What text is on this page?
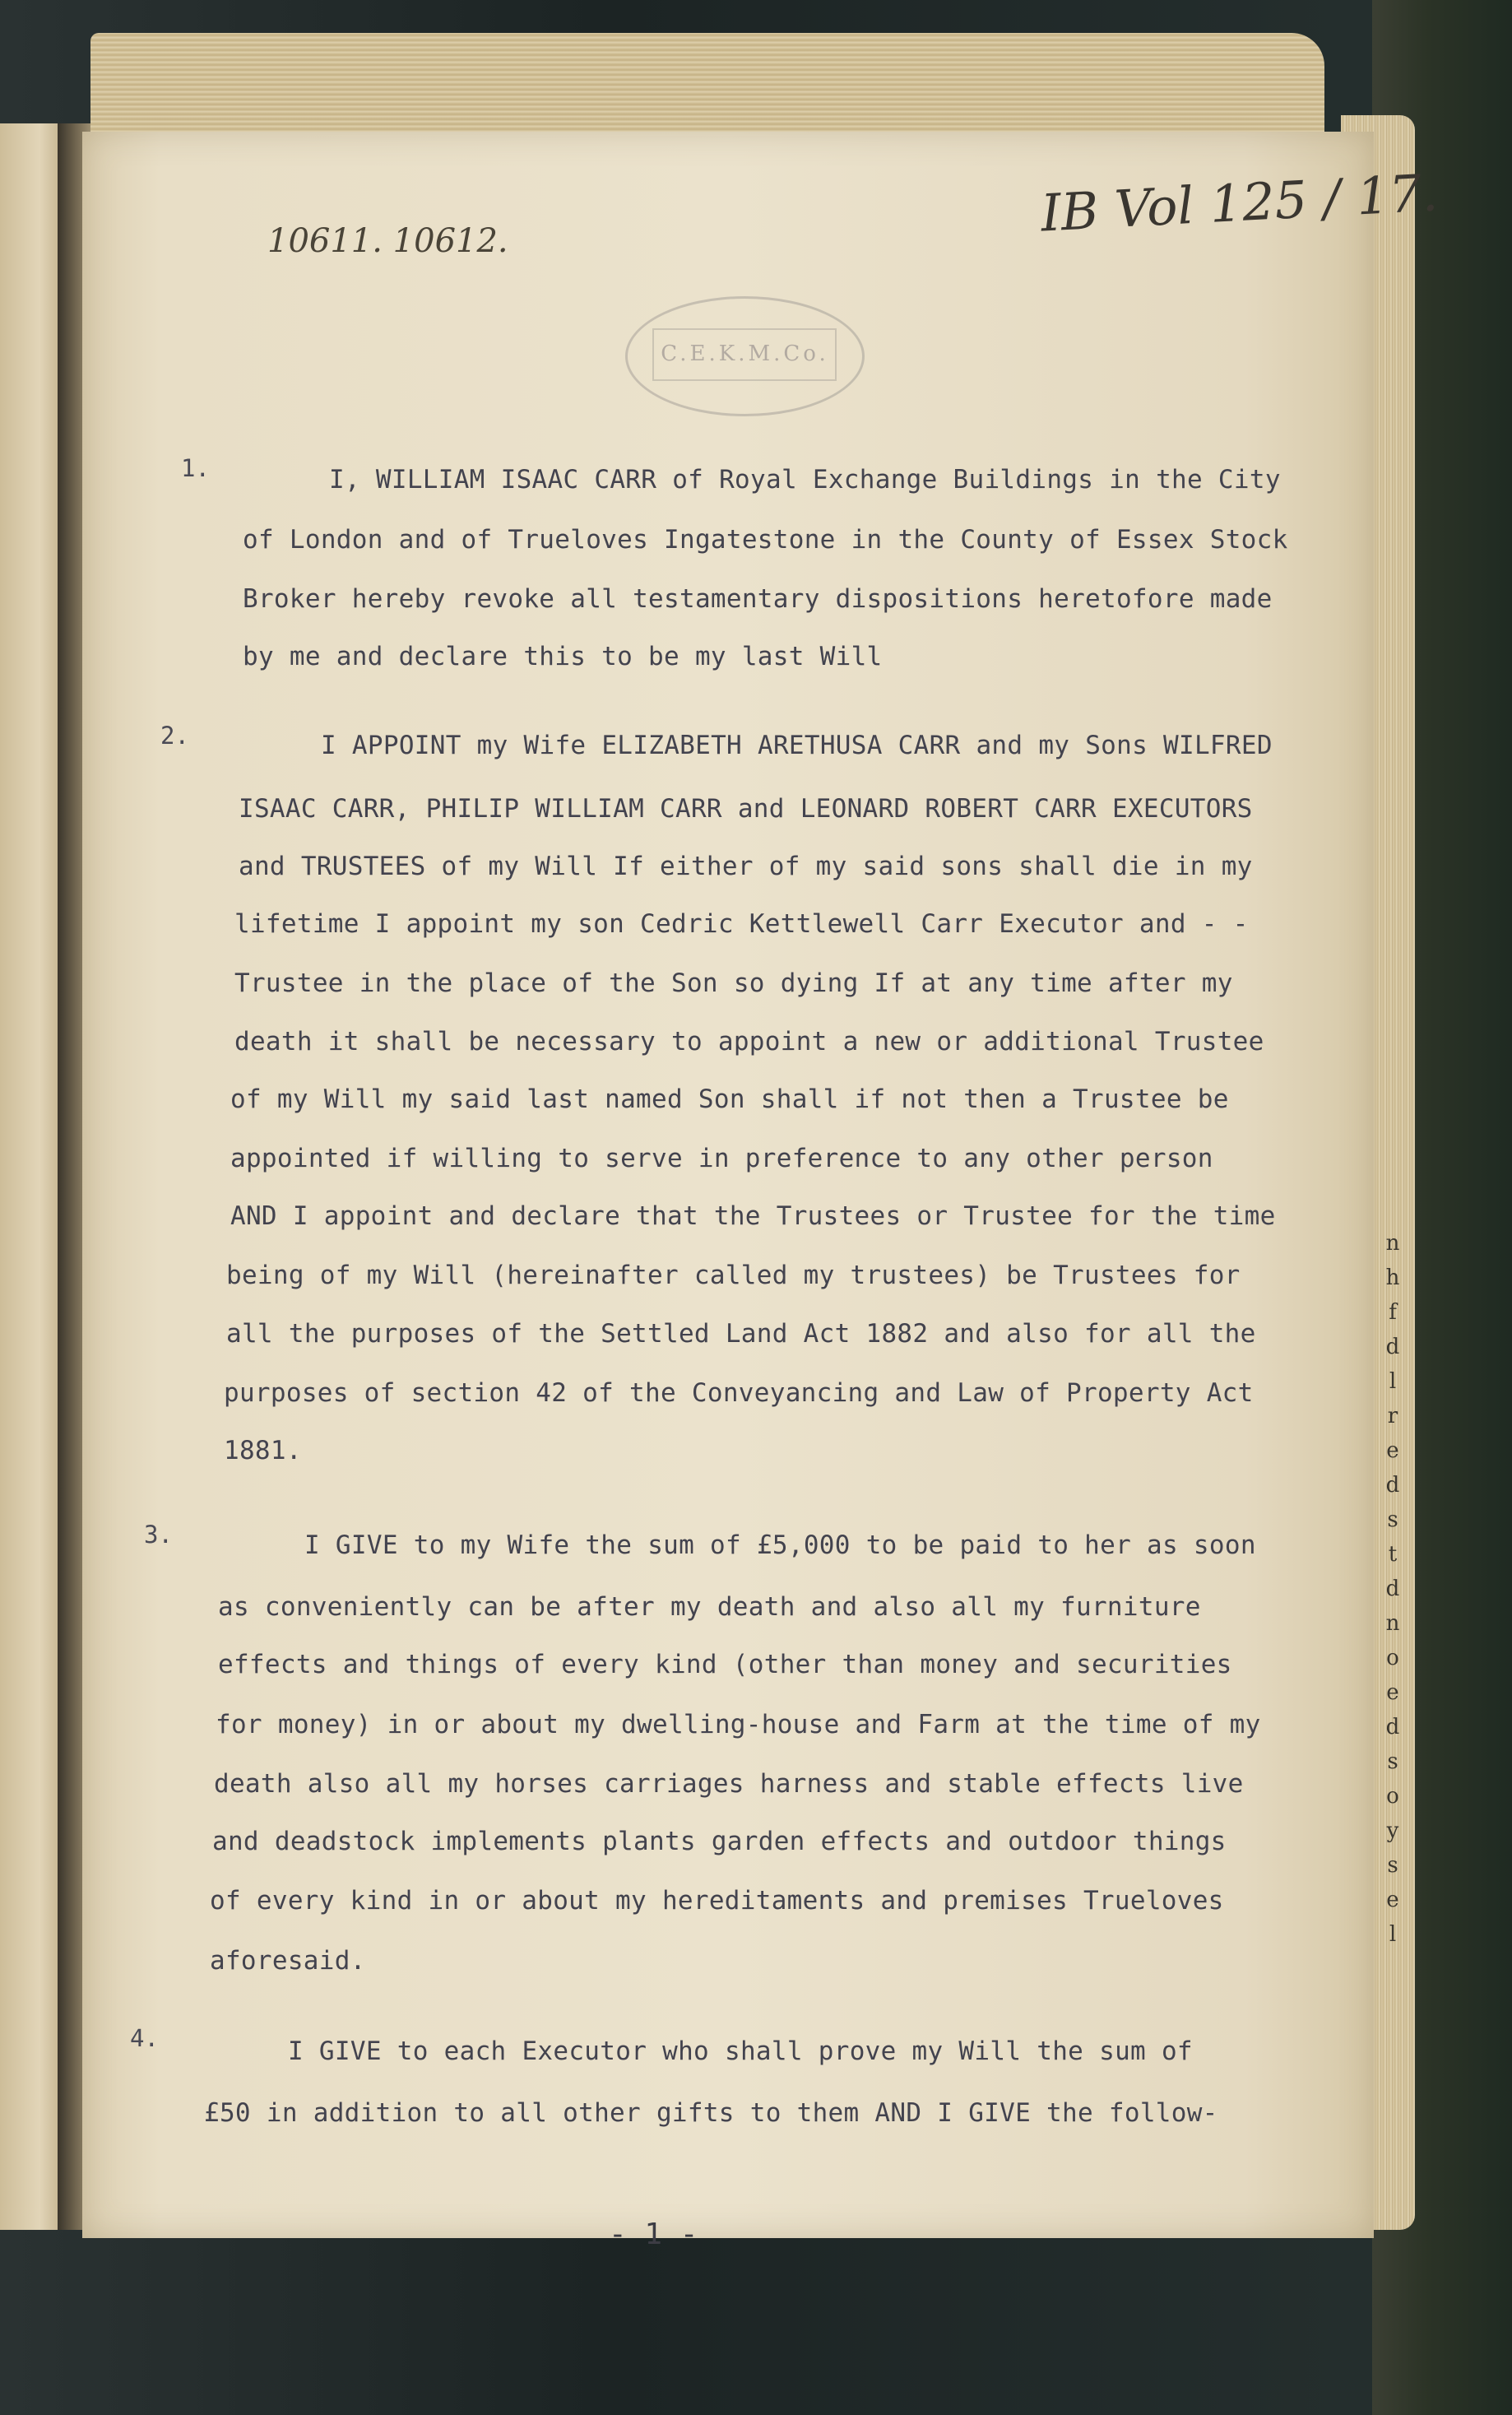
IB Vol 125 / 17.
10611. 10612.
C.E.K.M.Co.
1.	I, WILLIAM ISAAC CARR of Royal Exchange Buildings in the City
of London and of Trueloves Ingatestone in the County of Essex Stock
Broker hereby revoke all testamentary dispositions heretofore made
by me and declare this to be my last Will
2.	I APPOINT my Wife ELIZABETH ARETHUSA CARR and my Sons WILFRED
ISAAC CARR, PHILIP WILLIAM CARR and LEONARD ROBERT CARR EXECUTORS
and TRUSTEES of my Will If either of my said sons shall die in my
lifetime I appoint my son Cedric Kettlewell Carr Executor and - -
Trustee in the place of the Son so dying If at any time after my
death it shall be necessary to appoint a new or additional Trustee
of my Will my said last named Son shall if not then a Trustee be
appointed if willing to serve in preference to any other person
AND I appoint and declare that the Trustees or Trustee for the time
being of my Will (hereinafter called my trustees) be Trustees for
all the purposes of the Settled Land Act 1882 and also for all the
purposes of section 42 of the Conveyancing and Law of Property Act
1881.
3.	I GIVE to my Wife the sum of £5,000 to be paid to her as soon
as conveniently can be after my death and also all my furniture
effects and things of every kind (other than money and securities
for money) in or about my dwelling-house and Farm at the time of my
death also all my horses carriages harness and stable effects live
and deadstock implements plants garden effects and outdoor things
of every kind in or about my hereditaments and premises Trueloves
aforesaid.
4.	I GIVE to each Executor who shall prove my Will the sum of
£50 in addition to all other gifts to them AND I GIVE the follow-
- 1 -
n
h
f
d
l
r
e
d
s
t
d
n
o
e
d
s
o
y
s
e
l
